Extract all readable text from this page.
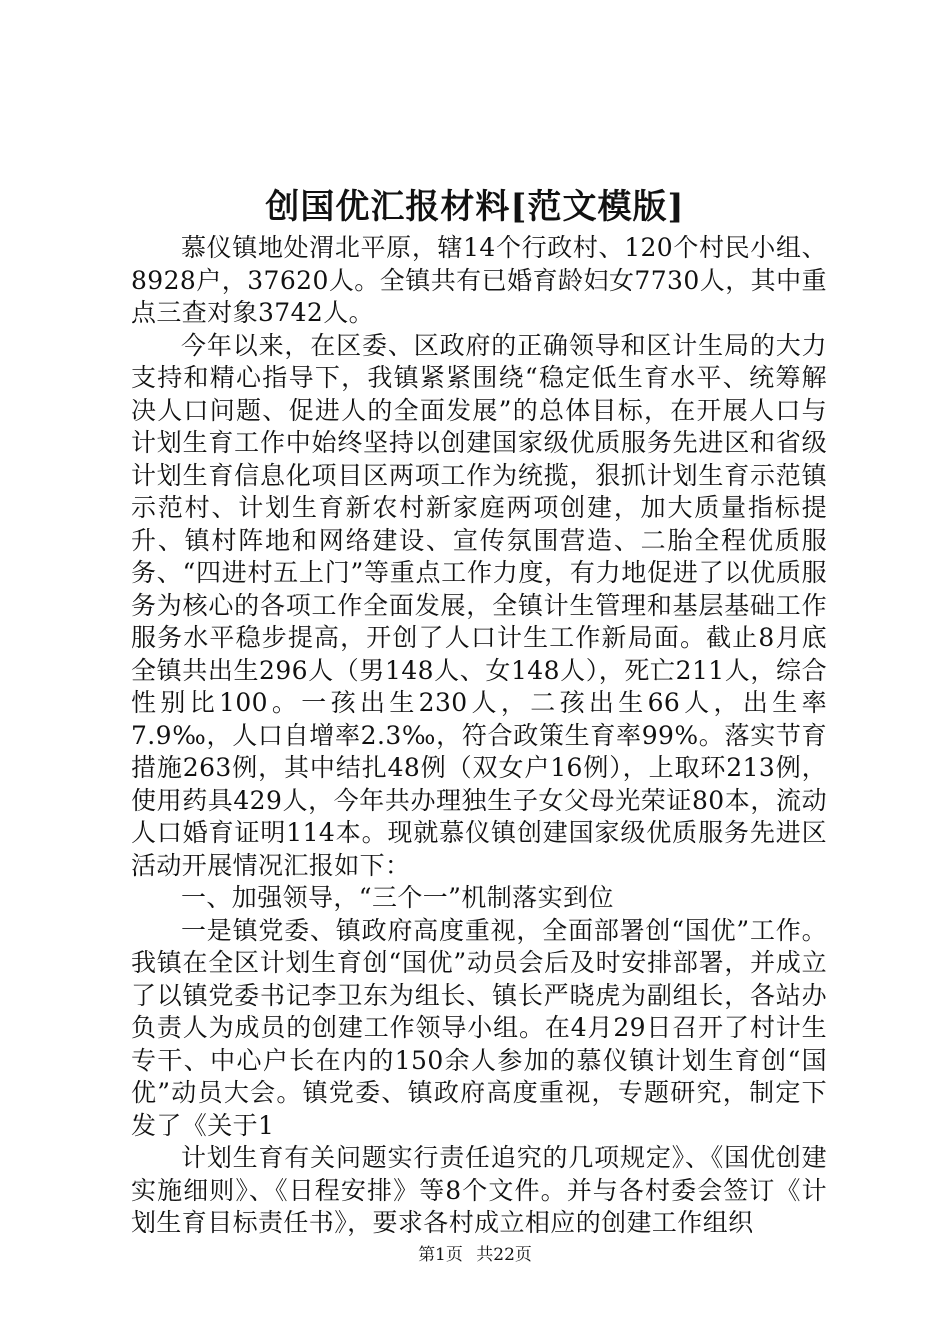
创国优汇报材料[范文模版]

慕仪镇地处渭北平原，辖14个行政村、120个村民小组、8928户，37620人。全镇共有已婚育龄妇女7730人，其中重点三查对象3742人。

今年以来，在区委、区政府的正确领导和区计生局的大力支持和精心指导下，我镇紧紧围绕“稳定低生育水平、统筹解决人口问题、促进人的全面发展”的总体目标，在开展人口与计划生育工作中始终坚持以创建国家级优质服务先进区和省级计划生育信息化项目区两项工作为统揽，狠抓计划生育示范镇示范村、计划生育新农村新家庭两项创建，加大质量指标提升、镇村阵地和网络建设、宣传氛围营造、二胎全程优质服务、“四进村五上门”等重点工作力度，有力地促进了以优质服务为核心的各项工作全面发展，全镇计生管理和基层基础工作服务水平稳步提高，开创了人口计生工作新局面。截止8月底全镇共出生296人（男148人、女148人），死亡211人，综合性别比100。一孩出生230人，二孩出生66人，出生率7.9‰，人口自增率2.3‰，符合政策生育率99%。落实节育措施263例，其中结扎48例（双女户16例），上取环213例，使用药具429人，今年共办理独生子女父母光荣证80本，流动人口婚育证明114本。现就慕仪镇创建国家级优质服务先进区活动开展情况汇报如下：

一、加强领导，“三个一”机制落实到位

一是镇党委、镇政府高度重视，全面部署创“国优”工作。我镇在全区计划生育创“国优”动员会后及时安排部署，并成立了以镇党委书记李卫东为组长、镇长严晓虎为副组长，各站办负责人为成员的创建工作领导小组。在4月29日召开了村计生专干、中心户长在内的150余人参加的慕仪镇计划生育创“国优”动员大会。镇党委、镇政府高度重视，专题研究，制定下发了《关于1

计划生育有关问题实行责任追究的几项规定》、《国优创建实施细则》、《日程安排》等8个文件。并与各村委会签订《计划生育目标责任书》，要求各村成立相应的创建工作组织

第1页 共22页
